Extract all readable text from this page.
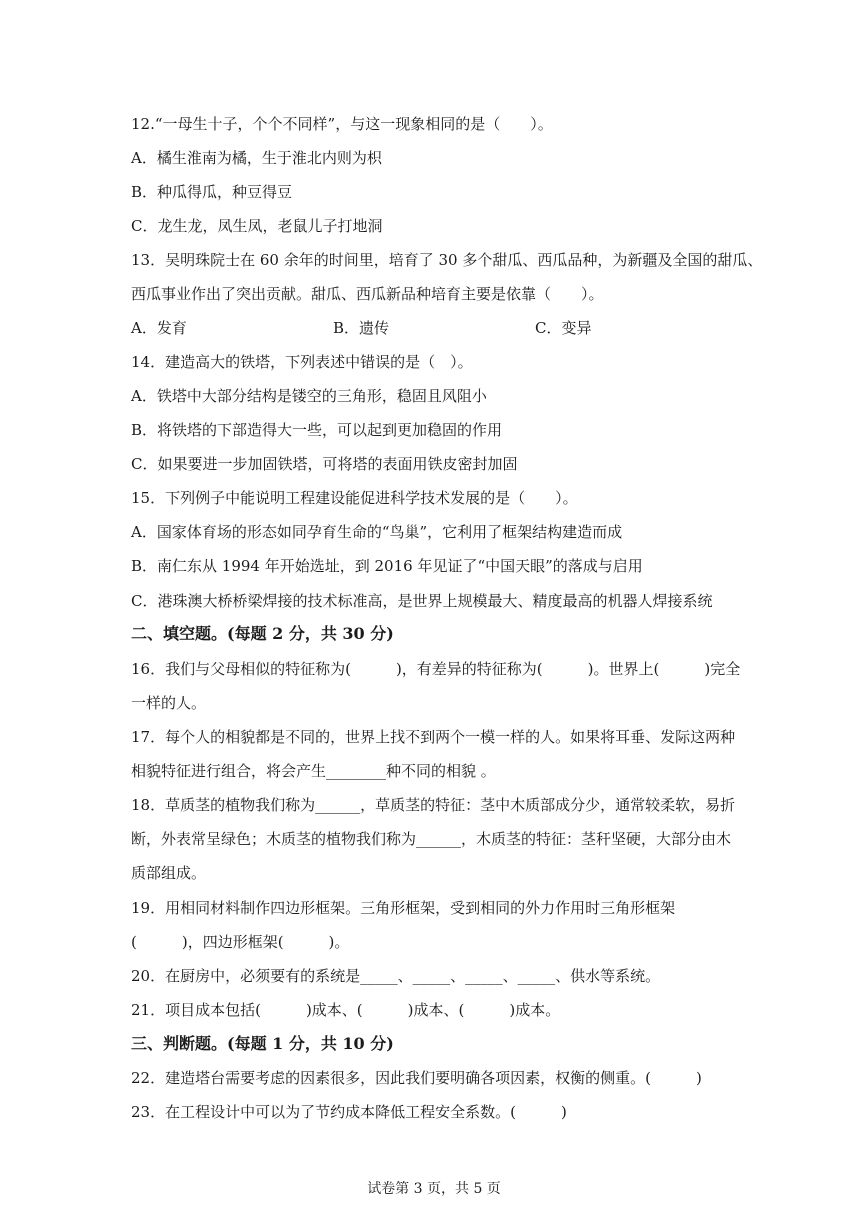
12.“一母生十子，个个不同样”，与这一现象相同的是（　　）。
A．橘生淮南为橘，生于淮北内则为枳
B．种瓜得瓜，种豆得豆
C．龙生龙，凤生凤，老鼠儿子打地洞
13．吴明珠院士在 60 余年的时间里，培育了 30 多个甜瓜、西瓜品种，为新疆及全国的甜瓜、
西瓜事业作出了突出贡献。甜瓜、西瓜新品种培育主要是依靠（　　）。
A．发育	B．遗传	C．变异
14．建造高大的铁塔，下列表述中错误的是（　）。
A．铁塔中大部分结构是镂空的三角形，稳固且风阻小
B．将铁塔的下部造得大一些，可以起到更加稳固的作用
C．如果要进一步加固铁塔，可将塔的表面用铁皮密封加固
15．下列例子中能说明工程建设能促进科学技术发展的是（　　）。
A．国家体育场的形态如同孕育生命的“鸟巢”，它利用了框架结构建造而成
B．南仁东从 1994 年开始选址，到 2016 年见证了“中国天眼”的落成与启用
C．港珠澳大桥桥梁焊接的技术标准高，是世界上规模最大、精度最高的机器人焊接系统
二、填空题。(每题 2 分，共 30 分)
16．我们与父母相似的特征称为(　　　)，有差异的特征称为(　　　)。世界上(　　　)完全
一样的人。
17．每个人的相貌都是不同的，世界上找不到两个一模一样的人。如果将耳垂、发际这两种
相貌特征进行组合，将会产生________种不同的相貌 。
18．草质茎的植物我们称为______，草质茎的特征：茎中木质部成分少，通常较柔软，易折
断，外表常呈绿色；木质茎的植物我们称为______，木质茎的特征：茎秆坚硬，大部分由木
质部组成。
19．用相同材料制作四边形框架。三角形框架，受到相同的外力作用时三角形框架
(　　　)，四边形框架(　　　)。
20．在厨房中，必须要有的系统是_____、_____、_____、_____、供水等系统。
21．项目成本包括(　　　)成本、(　　　)成本、(　　　)成本。
三、判断题。(每题 1 分，共 10 分)
22．建造塔台需要考虑的因素很多，因此我们要明确各项因素，权衡的侧重。(　　　)
23．在工程设计中可以为了节约成本降低工程安全系数。(　　　)
试卷第 3 页，共 5 页
